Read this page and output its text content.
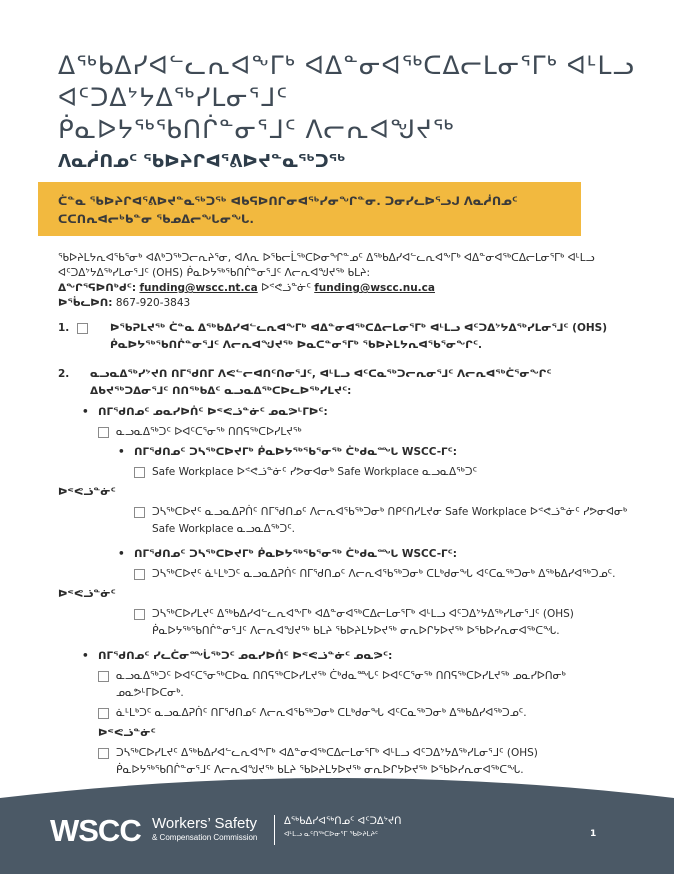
ᐃᖅᑲᐃᓯᐊᓪᓚᕆᐊᖕᒥᒃ ᐊᐃᓐᓂᐊᖅᑕᐃᓕᒪᓂᕐᒥᒃ ᐊᒻᒪᓗ
ᐊᑦᑐᐃᔾᔭᐃᖅᓯᒪᓂᕐᒧᑦ
ᑮᓇᐅᔭᖅᖃᑎᒌᓐᓂᕐᒧᑦ ᐱᓕᕆᐊᖑᔪᖅ
ᐱᓇᓲᑎᓄᑦ ᖃᐅᔨᒋᐊᕐᕕᐅᔪᓐᓇᖅᑐᖅ

ᑖᓐᓇ ᖃᐅᔨᒋᐊᕐᕕᐅᔪᓐᓇᖅᑐᖅ ᐊᑲᕋᐅᑎᒋᓂᐊᖅᓯᓂᖏᓐᓂ. ᑐᓂᓯᓚᐅᕐᓗᒍ ᐱᓇᓲᑎᓄᑦ

ᑕᑕᑎᕆᐊᓕᒃᑲᓐᓂ ᖃᓄᐃᓕᖓᓂᖓ.

ᖃᐅᔨᒪᔭᕆᐊᖃᕐᓂᒃ ᐊᕕᒃᑐᖅᑐᓕᕆᔨᕐᓂ, ᐊᐱᕆ ᐅᖃᓕᒫᖅᑕᐅᓂᖏᓐᓄᑦ ᐃᖅᑲᐃᓯᐊᓪᓚᕆᐊᖕᒥᒃ ᐊᐃᓐᓂᐊᖅᑕᐃᓕᒪᓂᕐᒥᒃ ᐊᒻᒪᓗ ᐊᑦᑐᐃᔾᔭᐃᖅᓯᒪᓂᕐᒧᑦ (OHS) ᑮᓇᐅᔭᖅᖃᑎᒌᓐᓂᕐᒧᑦ ᐱᓕᕆᐊᖑᔪᖅ ᑲᒪᔨ:

ᐃᖏᕐᕋᐅᑎᒃᑯᑦ: funding@wscc.nt.ca ᐅᕝᕙᓘᓐᓃᑦ funding@wscc.nu.ca

ᐅᖄᓚᐅᑎ: 867-920-3843

1.	ᐅᖃᕈᒪᔪᖅ ᑖᓐᓇ ᐃᖅᑲᐃᓯᐊᓪᓚᕆᐊᖕᒥᒃ ᐊᐃᓐᓂᐊᖅᑕᐃᓕᒪᓂᕐᒥᒃ ᐊᒻᒪᓗ ᐊᑦᑐᐃᔾᔭᐃᖅᓯᒪᓂᕐᒧᑦ (OHS) ᑮᓇᐅᔭᖅᖃᑎᒌᓐᓂᕐᒧᑦ ᐱᓕᕆᐊᖑᔪᖅ ᐅᓇᑕᓐᓂᕐᒥᒃ ᖃᐅᔨᒪᔭᕆᐊᖃᕐᓂᖏᑦ.
2. ᓇᓗᓇᐃᖅᓯᔾᔪᑎ ᑎᒥᖁᑎᒥ ᐱᕙᓪᓕᐊᑎᑦᑎᓂᕐᒧᑦ, ᐊᒻᒪᓗ ᐊᑦᑕᓇᖅᑐᓕᕆᓂᕐᒧᑦ ᐱᓕᕆᐊᖅᑖᕐᓂᖏᑦ ᐃᑲᔪᖅᑐᐃᓂᕐᒧᑦ ᑎᑎᖅᑲᐃᑦ ᓇᓗᓇᐃᖅᑕᐅᓚᐅᖅᓯᒪᔪᑦ:
• ᑎᒥᖁᑎᓄᑦ ᓄᓇᓯᐅᑏᑦ ᐅᕝᕙᓘᓐᓃᑦ ᓄᓇᕗᒻᒥᐅᑦ:
ᓇᓗᓇᐃᖅᑐᑦ ᐅᐊᑦᑕᕐᓂᖅ ᑎᑎᕋᖅᑕᐅᓯᒪᔪᖅ
• ᑎᒥᖁᑎᓄᑦ ᑐᓴᖅᑕᐅᔪᒥᒃ ᑮᓇᐅᔭᖅᖃᕐᓂᖅ ᑖᒃᑯᓇᙵ WSCC-ᒥᑦ:
Safe Workplace ᐅᕝᕙᓘᓐᓃᑦ ᓯᕗᓂᐊᓂᒃ Safe Workplace ᓇᓗᓇᐃᖅᑐᑦ
ᐅᕝᕙᓘᓐᓃᑦ
ᑐᓴᖅᑕᐅᔪᑦ ᓇᓗᓇᐃᕈᑏᑦ ᑎᒥᖁᑎᓄᑦ ᐱᓕᕆᐊᖃᖅᑐᓂᒃ ᑎᑭᑦᑎᓯᒪᔪᓂ Safe Workplace ᐅᕝᕙᓘᓐᓃᑦ ᓯᕗᓂᐊᓂᒃ Safe Workplace ᓇᓗᓇᐃᖅᑐᑦ.
• ᑎᒥᖁᑎᓄᑦ ᑐᓴᖅᑕᐅᔪᒥᒃ ᑮᓇᐅᔭᖅᖃᕐᓂᖅ ᑖᒃᑯᓇᙵ WSCC-ᒥᑦ:
ᑐᓴᖅᑕᐅᔪᑦ ᓈᒻᒪᒃᑐᑦ ᓇᓗᓇᐃᕈᑏᑦ ᑎᒥᖁᑎᓄᑦ ᐱᓕᕆᐊᖃᖅᑐᓂᒃ ᑕᒪᒃᑯᓂᖓ ᐊᑦᑕᓇᖅᑐᓂᒃ ᐃᖅᑲᐃᓯᐊᖅᑐᓄᑦ.
ᐅᕝᕙᓘᓐᓃᑦ
ᑐᓴᖅᑕᐅᓯᒪᔪᑦ ᐃᖅᑲᐃᓯᐊᓪᓚᕆᐊᖕᒥᒃ ᐊᐃᓐᓂᐊᖅᑕᐃᓕᒪᓂᕐᒥᒃ ᐊᒻᒪᓗ ᐊᑦᑐᐃᔾᔭᐃᖅᓯᒪᓂᕐᒧᑦ (OHS) ᑮᓇᐅᔭᖅᖃᑎᒌᓐᓂᕐᒧᑦ ᐱᓕᕆᐊᖑᔪᖅ ᑲᒪᔨ ᖃᐅᔨᒪᔭᐅᔪᖅ ᓂᕆᐅᒋᔭᐅᔪᖅ ᐅᖃᐅᓯᕆᓂᐊᖅᑕᖓ.
• ᑎᒥᖁᑎᓄᑦ ᓯᓚᑖᓂᙶᖅᑐᑦ ᓄᓇᓯᐅᑏᑦ ᐅᕝᕙᓘᓐᓃᑦ ᓄᓇᕗᑦ:
ᓇᓗᓇᐃᖅᑐᑦ ᐅᐊᑦᑕᕐᓂᖅᑕᐅᓇ ᑎᑎᕋᖅᑕᐅᓯᒪᔪᖅ ᑖᒃᑯᓇᙵᑦ ᐅᐊᑦᑕᕐᓂᖅ ᑎᑎᕋᖅᑕᐅᓯᒪᔪᖅ ᓄᓇᓯᐅᑎᓂᒃ ᓄᓇᕗᒻᒥᐅᑕᓂᒃ.
ᓈᒻᒪᒃᑐᑦ ᓇᓗᓇᐃᕈᑏᑦ ᑎᒥᖁᑎᓄᑦ ᐱᓕᕆᐊᖃᖅᑐᓂᒃ ᑕᒪᒃᑯᓂᖓ ᐊᑦᑕᓇᖅᑐᓂᒃ ᐃᖅᑲᐃᓯᐊᖅᑐᓄᑦ.
ᐅᕝᕙᓘᓐᓃᑦ
ᑐᓴᖅᑕᐅᓯᒪᔪᑦ ᐃᖅᑲᐃᓯᐊᓪᓚᕆᐊᖕᒥᒃ ᐊᐃᓐᓂᐊᖅᑕᐃᓕᒪᓂᕐᒥᒃ ᐊᒻᒪᓗ ᐊᑦᑐᐃᔾᔭᐃᖅᓯᒪᓂᕐᒧᑦ (OHS) ᑮᓇᐅᔭᖅᖃᑎᒌᓐᓂᕐᒧᑦ ᐱᓕᕆᐊᖑᔪᖅ ᑲᒪᔨ ᖃᐅᔨᒪᔭᐅᔪᖅ ᓂᕆᐅᒋᔭᐅᔪᖅ ᐅᖃᐅᓯᕆᓂᐊᖅᑕᖓ.
WSCC Workers’ Safety
& Compensation Commission
ᐃᖅᑲᐃᓯᐊᖅᑎᓄᑦ ᐊᑦᑐᐃᔾᔪᑎ
ᐊᒻᒪᓗ ᓇᑦᑎᖅᑕᐅᓂᕐᒥ ᖃᐅᔨᒪᔨᑦ	1
